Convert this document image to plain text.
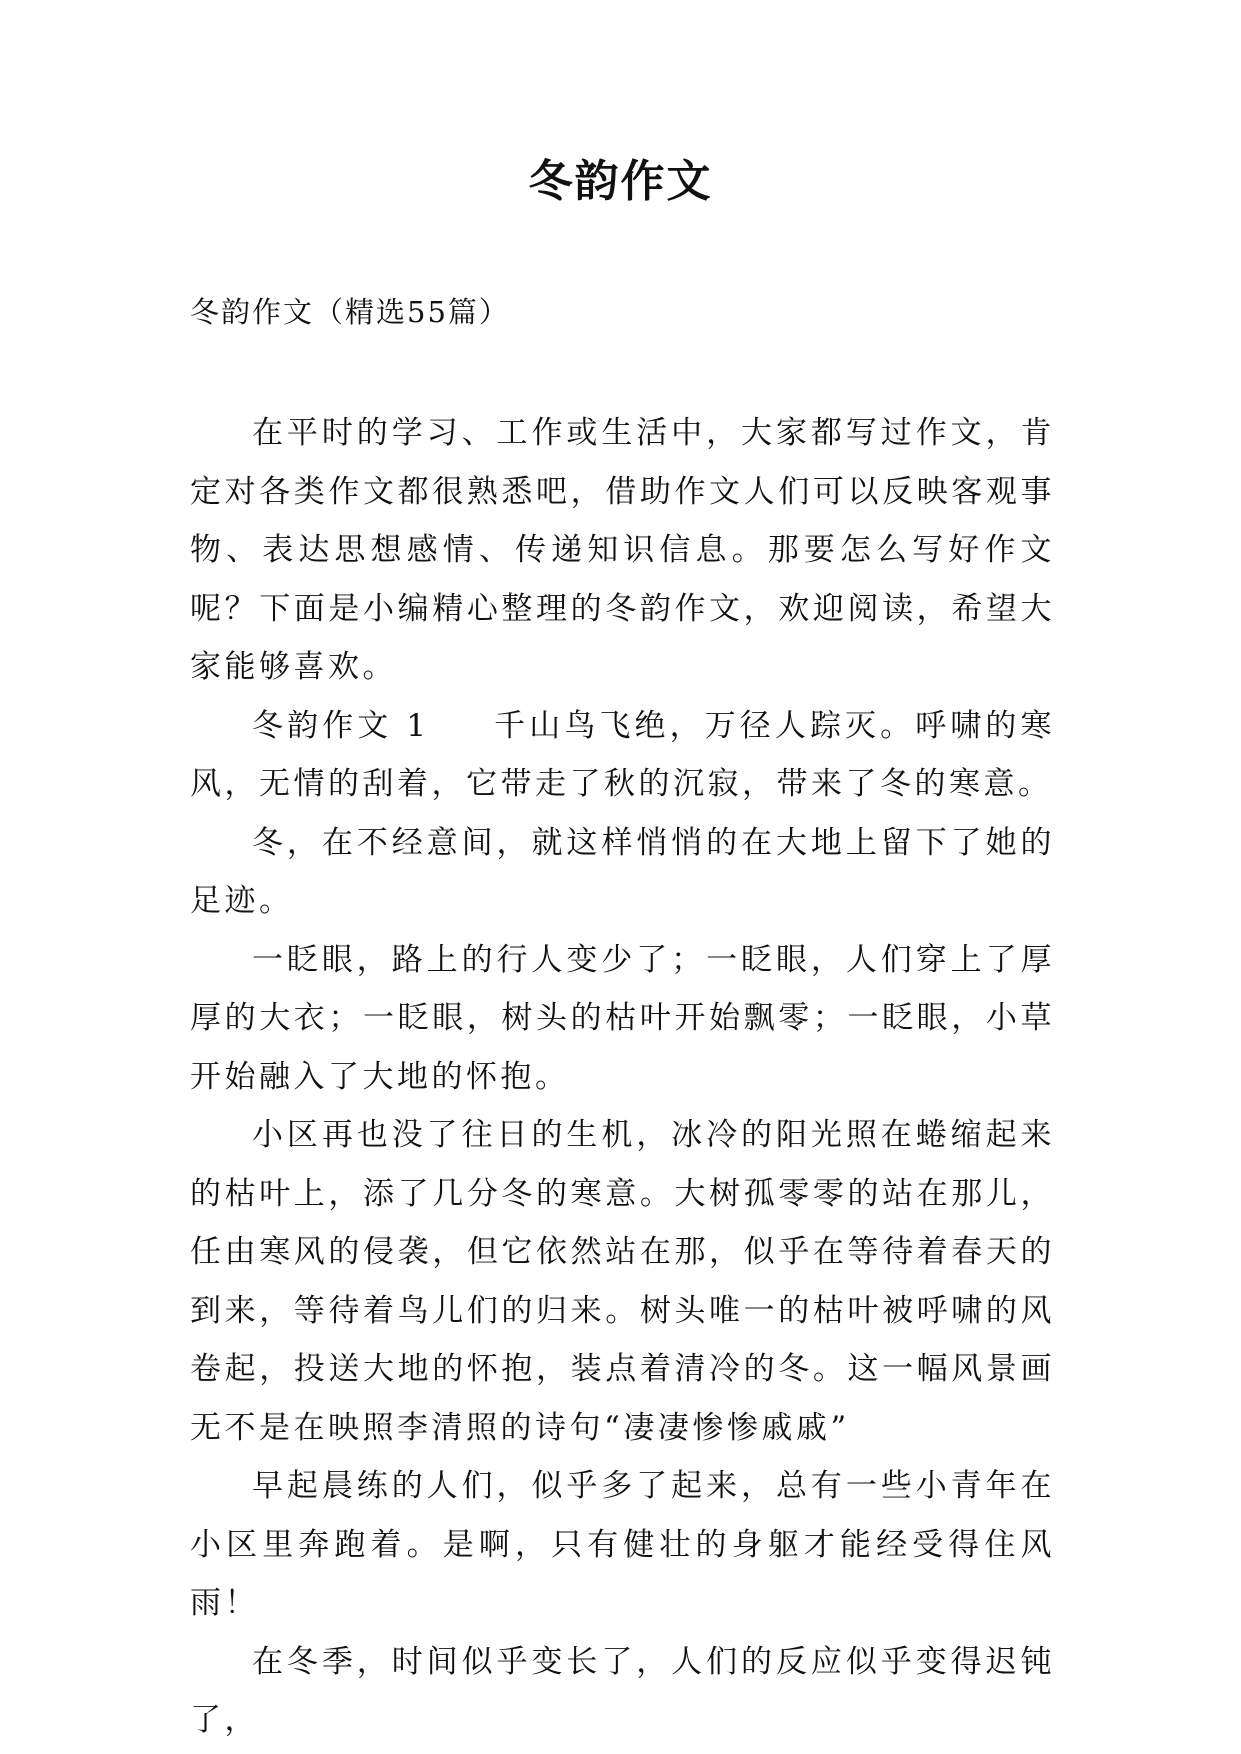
冬韵作文
冬韵作文（精选55篇）

在平时的学习、工作或生活中，大家都写过作文，肯定对各类作文都很熟悉吧，借助作文人们可以反映客观事物、表达思想感情、传递知识信息。那要怎么写好作文呢？下面是小编精心整理的冬韵作文，欢迎阅读，希望大家能够喜欢。

冬韵作文 1 千山鸟飞绝，万径人踪灭。呼啸的寒风，无情的刮着，它带走了秋的沉寂，带来了冬的寒意。

冬，在不经意间，就这样悄悄的在大地上留下了她的足迹。

一眨眼，路上的行人变少了；一眨眼，人们穿上了厚厚的大衣；一眨眼，树头的枯叶开始飘零；一眨眼，小草开始融入了大地的怀抱。

小区再也没了往日的生机，冰冷的阳光照在蜷缩起来的枯叶上，添了几分冬的寒意。大树孤零零的站在那儿，任由寒风的侵袭，但它依然站在那，似乎在等待着春天的到来，等待着鸟儿们的归来。树头唯一的枯叶被呼啸的风卷起，投送大地的怀抱，装点着清冷的冬。这一幅风景画无不是在映照李清照的诗句“凄凄惨惨戚戚”

早起晨练的人们，似乎多了起来，总有一些小青年在小区里奔跑着。是啊，只有健壮的身躯才能经受得住风雨！

在冬季，时间似乎变长了，人们的反应似乎变得迟钝了，
